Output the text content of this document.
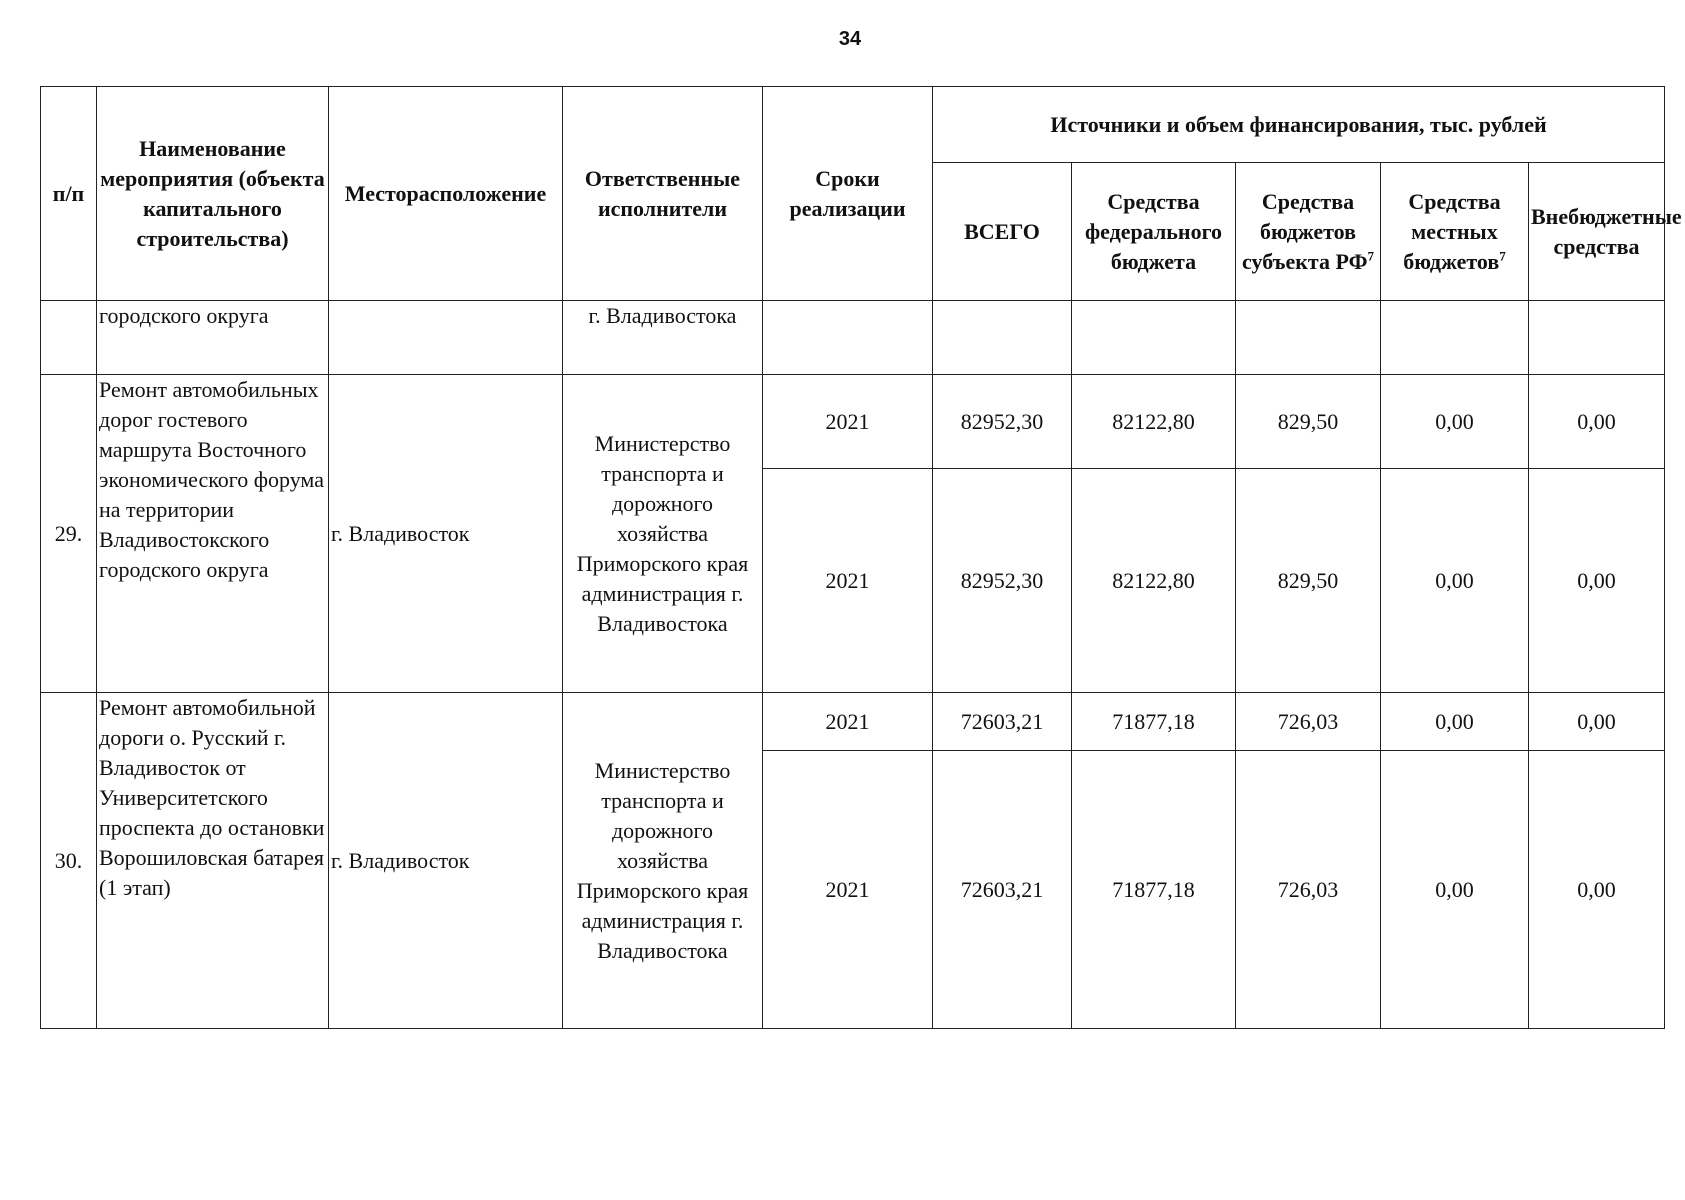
34
п/п	Наименование мероприятия (объекта капитального строительства)	Месторасположение	Ответственные исполнители	Сроки реализации	Источники и объем финансирования, тыс. рублей				
					ВСЕГО	Средства федерального бюджета	Средства бюджетов субъекта $РФ^7$	Средства местных бюджетов$^7$	Внебюджетные средства
	городского округа		г. Владивостока						
29.	Ремонт автомобильных дорог гостевого маршрута Восточного экономического форума на территории Владивостокского городского округа	г. Владивосток	Министерство транспорта и дорожного хозяйства Приморского края администрация г. Владивостока	2021	82952,30	82122,80	829,50	0,00	0,00
				2021	82952,30	82122,80	829,50	0,00	0,00
30.	Ремонт автомобильной дороги о. Русский г. Владивосток от Университетского проспекта до остановки Ворошиловская батарея (1 этап)	г. Владивосток	Министерство транспорта и дорожного хозяйства Приморского края администрация г. Владивостока	2021	72603,21	71877,18	726,03	0,00	0,00
				2021	72603,21	71877,18	726,03	0,00	0,00
